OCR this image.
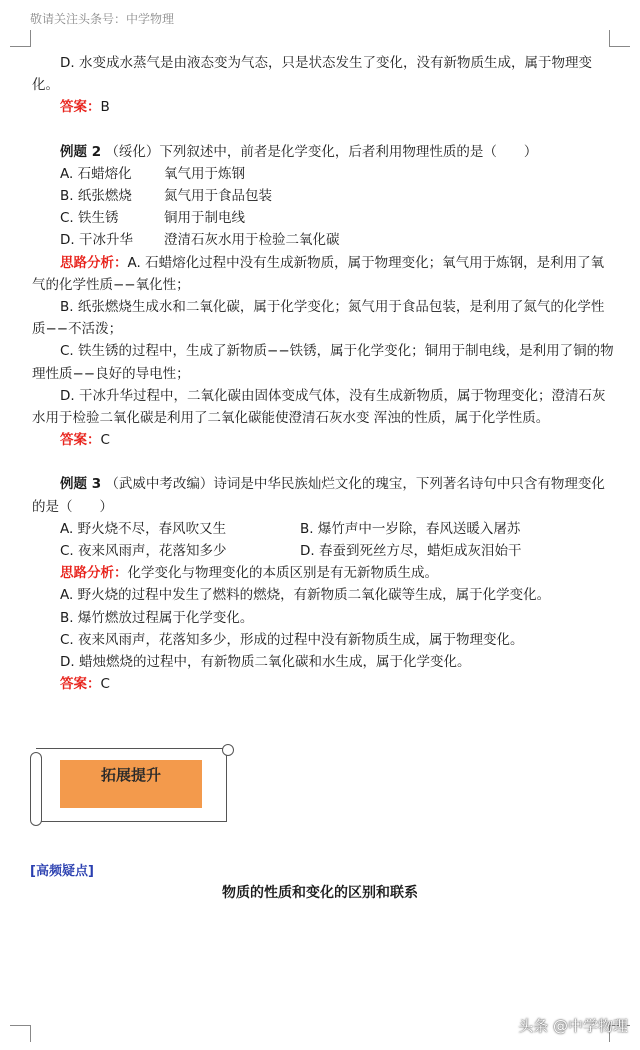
敬请关注头条号：中学物理

D. 水变成水蒸气是由液态变为气态，只是状态发生了变化，没有新物质生成，属于物理变化。

答案：B

例题 2 （绥化）下列叙述中，前者是化学变化，后者利用物理性质的是（　　）

A. 石蜡熔化	氧气用于炼钢
B. 纸张燃烧	氮气用于食品包装
C. 铁生锈	铜用于制电线
D. 干冰升华	澄清石灰水用于检验二氧化碳

思路分析：A. 石蜡熔化过程中没有生成新物质，属于物理变化；氧气用于炼钢，是利用了氧气的化学性质−−氧化性；

B. 纸张燃烧生成水和二氧化碳，属于化学变化；氮气用于食品包装，是利用了氮气的化学性质−−不活泼；

C. 铁生锈的过程中，生成了新物质−−铁锈，属于化学变化；铜用于制电线，是利用了铜的物理性质−−良好的导电性；

D. 干冰升华过程中，二氧化碳由固体变成气体，没有生成新物质，属于物理变化；澄清石灰水用于检验二氧化碳是利用了二氧化碳能使澄清石灰水变 浑浊的性质，属于化学性质。

答案：C

例题 3 （武威中考改编）诗词是中华民族灿烂文化的瑰宝，下列著名诗句中只含有物理变化的是（　　）

A. 野火烧不尽，春风吹又生	B. 爆竹声中一岁除，春风送暖入屠苏
C. 夜来风雨声，花落知多少	D. 春蚕到死丝方尽，蜡炬成灰泪始干

思路分析：化学变化与物理变化的本质区别是有无新物质生成。

A. 野火烧的过程中发生了燃料的燃烧，有新物质二氧化碳等生成，属于化学变化。

B. 爆竹燃放过程属于化学变化。

C. 夜来风雨声，花落知多少，形成的过程中没有新物质生成，属于物理变化。

D. 蜡烛燃烧的过程中，有新物质二氧化碳和水生成，属于化学变化。

答案：C

拓展提升
[高频疑点]
物质的性质和变化的区别和联系
头条 @中学物理
